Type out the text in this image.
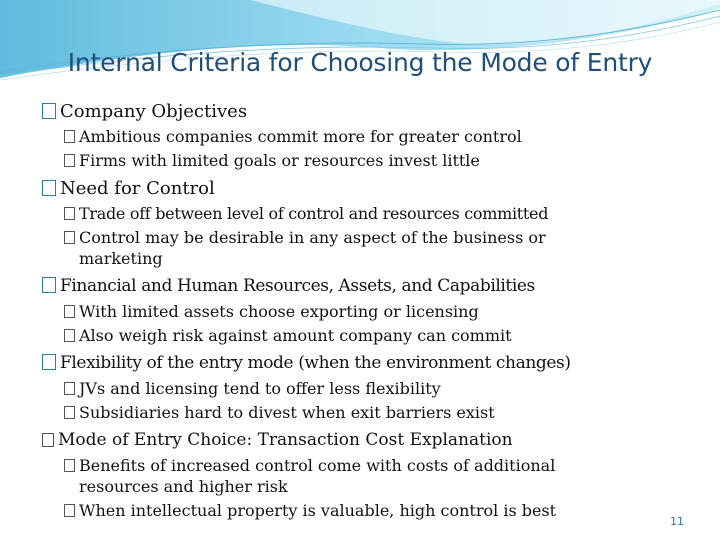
Internal Criteria for Choosing the Mode of Entry
Company Objectives
Ambitious companies commit more for greater control
Firms with limited goals or resources invest little
Need for Control
Trade off between level of control and resources committed
Control may be desirable in any aspect of the business or marketing
Financial and Human Resources, Assets, and Capabilities
With limited assets choose exporting or licensing
Also weigh risk against amount company can commit
Flexibility of the entry mode (when the environment changes)
JVs and licensing tend to offer less flexibility
Subsidiaries hard to divest when exit barriers exist
Mode of Entry Choice: Transaction Cost Explanation
Benefits of increased control come with costs of additional resources and higher risk
When intellectual property is valuable, high control is best
11
